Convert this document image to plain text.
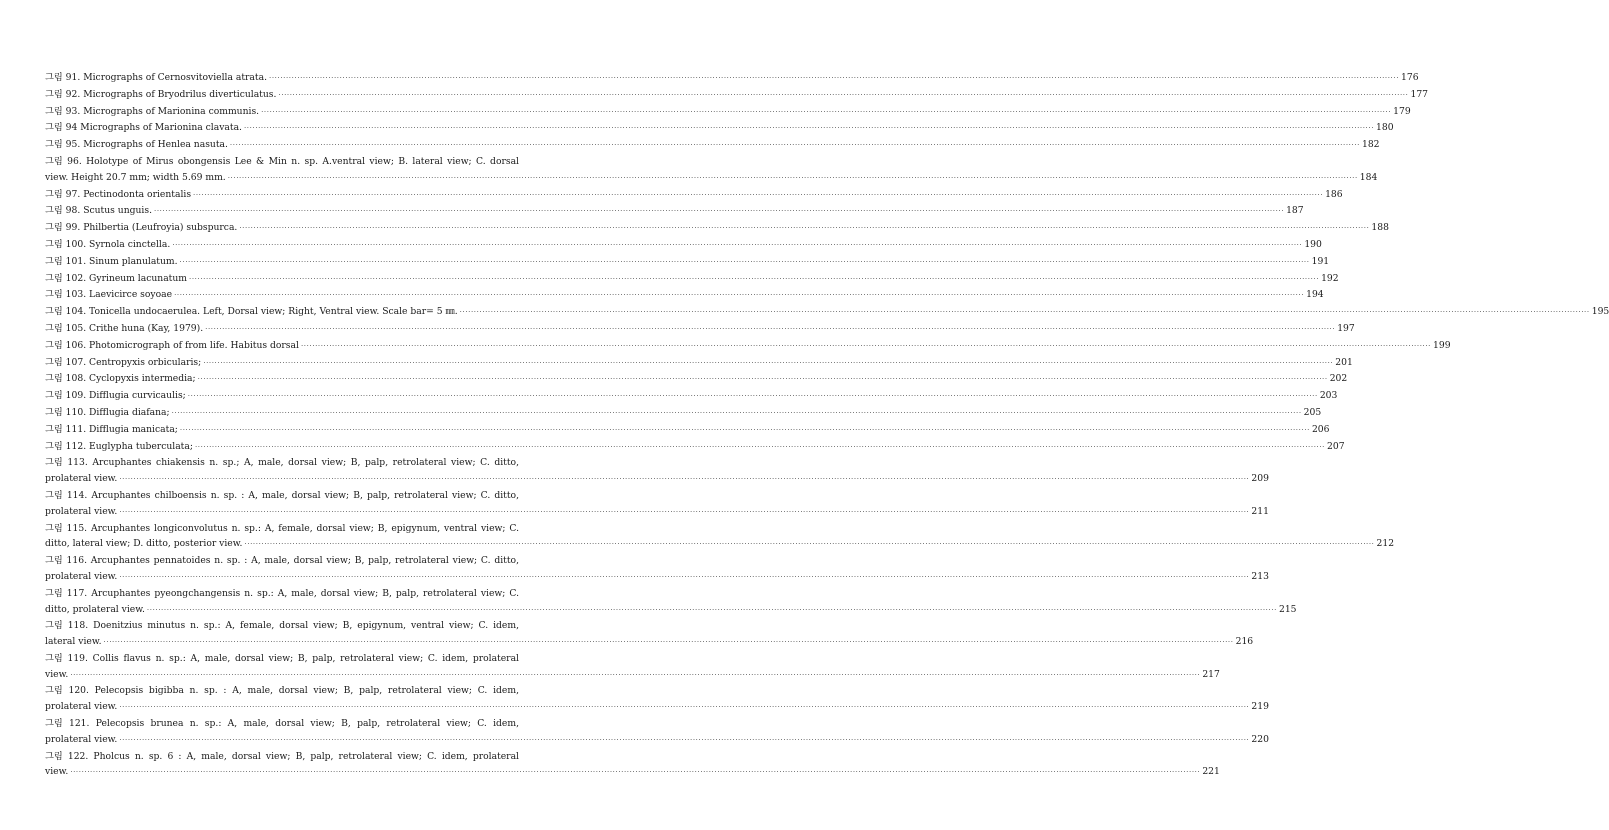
그림 91. Micrographs of Cernosvitoviella atrata. ················································································································································································································································································································································································································ 176
그림 92. Micrographs of Bryodrilus diverticulatus. ················································································································································································································································································································································································································ 177
그림 93. Micrographs of Marionina communis. ················································································································································································································································································································································································································ 179
그림 94 Micrographs of Marionina clavata. ················································································································································································································································································································································································································ 180
그림 95. Micrographs of Henlea nasuta. ················································································································································································································································································································································································································ 182
그림 96. Holotype of Mirus obongensis Lee & Min n. sp. A.ventral view; B. lateral view; C. dorsal
view. Height 20.7 mm; width 5.69 mm. ················································································································································································································································································································································································································ 184
그림 97. Pectinodonta orientalis ················································································································································································································································································································································································································ 186
그림 98. Scutus unguis. ················································································································································································································································································································································································································ 187
그림 99. Philbertia (Leufroyia) subspurca. ················································································································································································································································································································································································································ 188
그림 100. Syrnola cinctella. ················································································································································································································································································································································································································ 190
그림 101. Sinum planulatum. ················································································································································································································································································································································································································ 191
그림 102. Gyrineum lacunatum ················································································································································································································································································································································································································ 192
그림 103. Laevicirce soyoae ················································································································································································································································································································································································································ 194
그림 104. Tonicella undocaerulea. Left, Dorsal view; Right, Ventral view. Scale bar= 5 ㎜. ················································································································································································································································································································································································································ 195
그림 105. Crithe huna (Kay, 1979). ················································································································································································································································································································································································································ 197
그림 106. Photomicrograph of from life. Habitus dorsal ················································································································································································································································································································································································································ 199
그림 107. Centropyxis orbicularis; ················································································································································································································································································································································································································ 201
그림 108. Cyclopyxis intermedia; ················································································································································································································································································································································································································ 202
그림 109. Difflugia curvicaulis; ················································································································································································································································································································································································································ 203
그림 110. Difflugia diafana; ················································································································································································································································································································································································································ 205
그림 111. Difflugia manicata; ················································································································································································································································································································································································································ 206
그림 112. Euglypha tuberculata; ················································································································································································································································································································································································································ 207
그림 113. Arcuphantes chiakensis n. sp.; A, male, dorsal view; B, palp, retrolateral view; C. ditto,
prolateral view. ················································································································································································································································································································································································································ 209
그림 114. Arcuphantes chilboensis n. sp. : A, male, dorsal view; B, palp, retrolateral view; C. ditto,
prolateral view. ················································································································································································································································································································································································································ 211
그림 115. Arcuphantes longiconvolutus n. sp.: A, female, dorsal view; B, epigynum, ventral view; C.
ditto, lateral view; D. ditto, posterior view. ················································································································································································································································································································································································································ 212
그림 116. Arcuphantes pennatoides n. sp. : A, male, dorsal view; B, palp, retrolateral view; C. ditto,
prolateral view. ················································································································································································································································································································································································································ 213
그림 117. Arcuphantes pyeongchangensis n. sp.: A, male, dorsal view; B, palp, retrolateral view; C.
ditto, prolateral view. ················································································································································································································································································································································································································ 215
그림 118. Doenitzius minutus n. sp.: A, female, dorsal view; B, epigynum, ventral view; C. idem,
lateral view. ················································································································································································································································································································································································································ 216
그림 119. Collis flavus n. sp.: A, male, dorsal view; B, palp, retrolateral view; C. idem, prolateral
view. ················································································································································································································································································································································································································ 217
그림 120. Pelecopsis bigibba n. sp. : A, male, dorsal view; B, palp, retrolateral view; C. idem,
prolateral view. ················································································································································································································································································································································································································ 219
그림 121. Pelecopsis brunea n. sp.: A, male, dorsal view; B, palp, retrolateral view; C. idem,
prolateral view. ················································································································································································································································································································································································································ 220
그림 122. Pholcus n. sp. 6 : A, male, dorsal view; B, palp, retrolateral view; C. idem, prolateral
view. ················································································································································································································································································································································································································ 221
